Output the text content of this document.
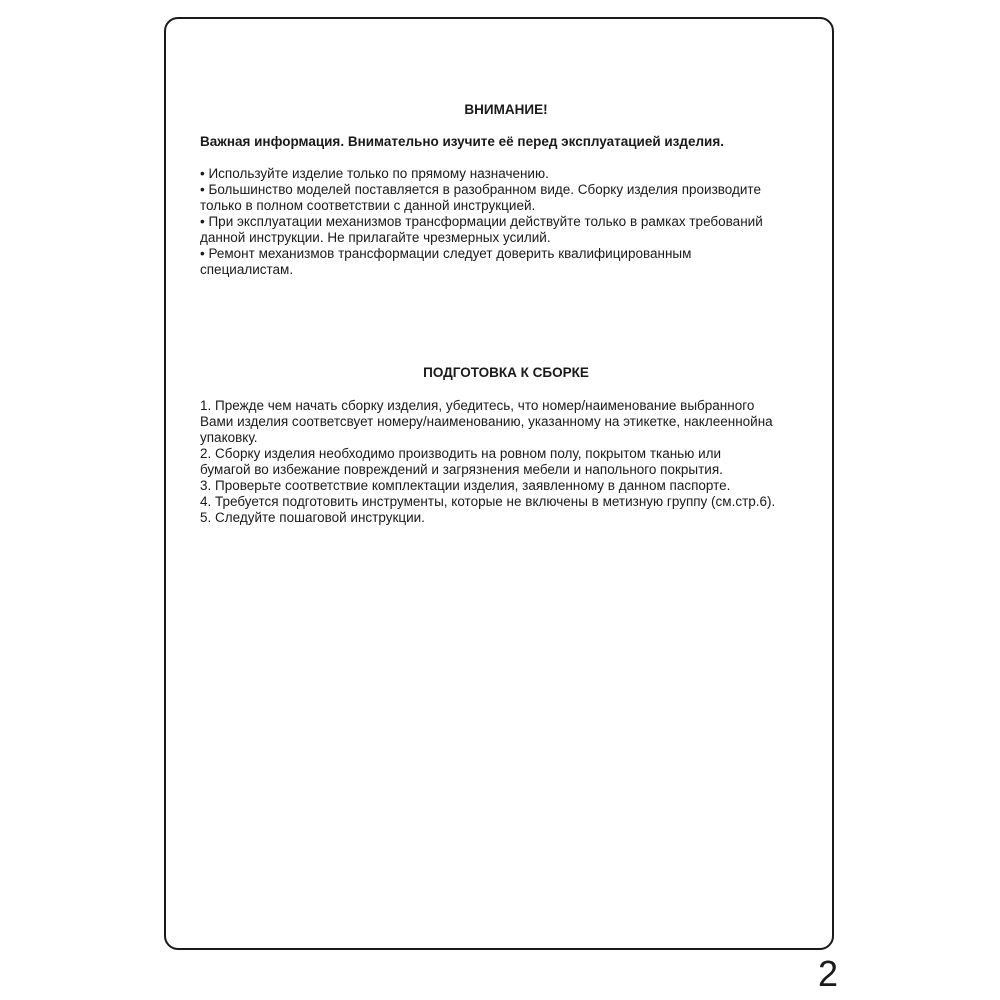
ВНИМАНИЕ!

Важная информация. Внимательно изучите её перед эксплуатацией изделия.

• Используйте изделие только по прямому назначению.

• Большинство моделей поставляется в разобранном виде. Сборку изделия производите
только в полном соответствии с данной инструкцией.

• При эксплуатации механизмов трансформации действуйте только в рамках требований
данной инструкции. Не прилагайте чрезмерных усилий.

• Ремонт механизмов трансформации следует доверить квалифицированным
специалистам.

ПОДГОТОВКА К СБОРКЕ

1. Прежде чем начать сборку изделия, убедитесь, что номер/наименование выбранного
Вами изделия соответсвует номеру/наименованию, указанному на этикетке, наклееннойна упаковку.

2. Сборку изделия необходимо производить на ровном полу, покрытом тканью или
бумагой во избежание повреждений и загрязнения мебели и напольного покрытия.

3. Проверьте соответствие комплектации изделия, заявленному в данном паспорте.

4. Требуется подготовить инструменты, которые не включены в метизную группу (см.стр.6).

5. Следуйте пошаговой инструкции.

2
